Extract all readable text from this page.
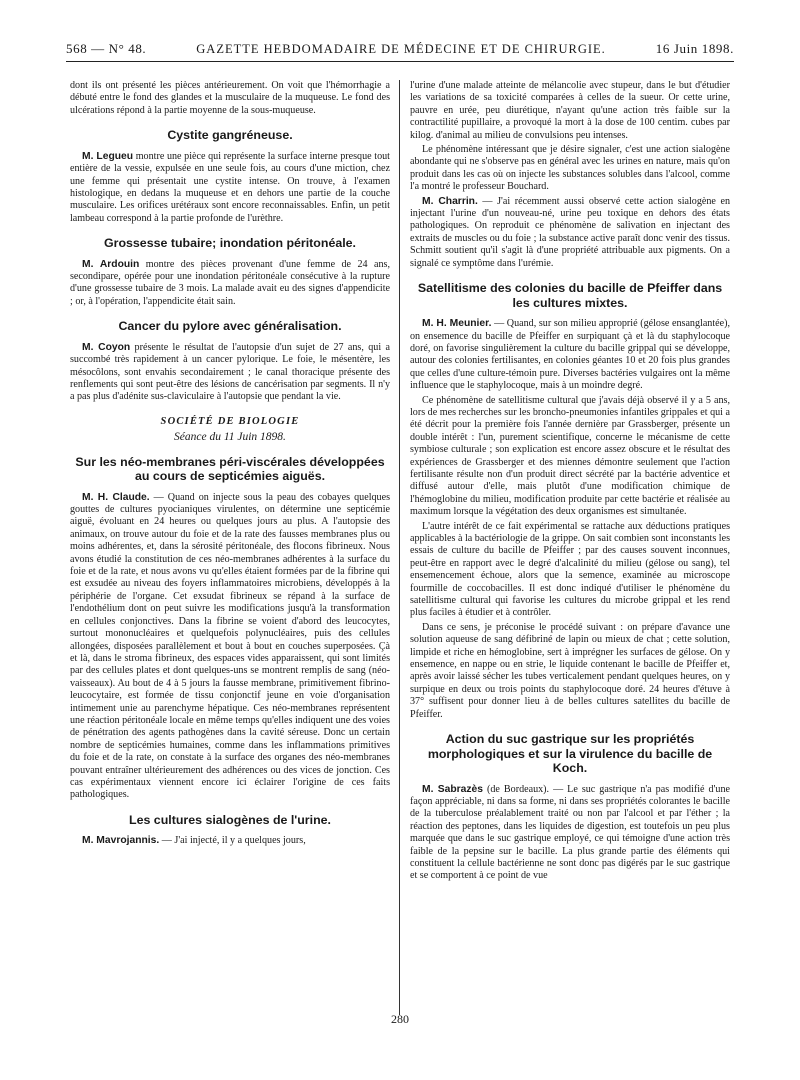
568 — N° 48.	GAZETTE HEBDOMADAIRE DE MÉDECINE ET DE CHIRURGIE.	16 Juin 1898.

dont ils ont présenté les pièces antérieurement. On voit que l'hémorrhagie a débuté entre le fond des glandes et la musculaire de la muqueuse. Le fond des ulcérations répond à la partie moyenne de la sous-muqueuse.

Cystite gangréneuse.

M. Legueu montre une pièce qui représente la surface interne presque tout entière de la vessie, expulsée en une seule fois, au cours d'une miction, chez une femme qui présentait une cystite intense. On trouve, à l'examen histologique, en dedans la muqueuse et en dehors une partie de la couche musculaire. Les orifices urétéraux sont encore reconnaissables. Enfin, un petit lambeau correspond à la partie profonde de l'urèthre.

Grossesse tubaire; inondation péritonéale.

M. Ardouin montre des pièces provenant d'une femme de 24 ans, secondipare, opérée pour une inondation péritonéale consécutive à la rupture d'une grossesse tubaire de 3 mois. La malade avait eu des signes d'appendicite ; or, à l'opération, l'appendicite était sain.

Cancer du pylore avec généralisation.

M. Coyon présente le résultat de l'autopsie d'un sujet de 27 ans, qui a succombé très rapidement à un cancer pylorique. Le foie, le mésentère, les mésocôlons, sont envahis secondairement ; le canal thoracique présente des renflements qui sont peut-être des lésions de cancérisation par segments. Il n'y a pas plus d'adénite sus-claviculaire à l'autopsie que pendant la vie.

SOCIÉTÉ DE BIOLOGIE
Séance du 11 Juin 1898.
Sur les néo-membranes péri-viscérales développées au cours de septicémies aiguës.

M. H. Claude. — Quand on injecte sous la peau des cobayes quelques gouttes de cultures pyocianiques virulentes, on détermine une septicémie aiguë, évoluant en 24 heures ou quelques jours au plus. A l'autopsie des animaux, on trouve autour du foie et de la rate des fausses membranes plus ou moins adhérentes, et, dans la sérosité péritonéale, des flocons fibrineux. Nous avons étudié la constitution de ces néo-membranes adhérentes à la surface du foie et de la rate, et nous avons vu qu'elles étaient formées par de la fibrine qui est exsudée au niveau des foyers inflammatoires microbiens, développés à la périphérie de l'organe. Cet exsudat fibrineux se répand à la surface de l'endothélium dont on peut suivre les modifications jusqu'à la transformation en cellules conjonctives. Dans la fibrine se voient d'abord des leucocytes, surtout mononucléaires et quelquefois polynucléaires, puis des cellules allongées, disposées parallèlement et bout à bout en couches superposées. Çà et là, dans le stroma fibrineux, des espaces vides apparaissent, qui sont limités par des cellules plates et dont quelques-uns se montrent remplis de sang (néo-vaisseaux). Au bout de 4 à 5 jours la fausse membrane, primitivement fibrino-leucocytaire, est formée de tissu conjonctif jeune en voie d'organisation intimement unie au parenchyme hépatique. Ces néo-membranes représentent une réaction péritonéale locale en même temps qu'elles indiquent une des voies de pénétration des agents pathogènes dans la cavité séreuse. Donc un certain nombre de septicémies humaines, comme dans les inflammations primitives du foie et de la rate, on constate à la surface des organes des néo-membranes pouvant entraîner ultérieurement des adhérences ou des vices de jonction. Ces cas expérimentaux viennent encore ici éclairer l'origine de ces faits pathologiques.

Les cultures sialogènes de l'urine.

M. Mavrojannis. — J'ai injecté, il y a quelques jours,

l'urine d'une malade atteinte de mélancolie avec stupeur, dans le but d'étudier les variations de sa toxicité comparées à celles de la sueur. Or cette urine, pauvre en urée, peu diurétique, n'ayant qu'une action très faible sur la contractilité pupillaire, a provoqué la mort à la dose de 100 centim. cubes par kilog. d'animal au milieu de convulsions peu intenses.

Le phénomène intéressant que je désire signaler, c'est une action sialogène abondante qui ne s'observe pas en général avec les urines en nature, mais qu'on produit dans les cas où on injecte les substances solubles dans l'alcool, comme l'a montré le professeur Bouchard.

M. Charrin. — J'ai récemment aussi observé cette action sialogène en injectant l'urine d'un nouveau-né, urine peu toxique en dehors des états pathologiques. On reproduit ce phénomène de salivation en injectant des extraits de muscles ou du foie ; la substance active paraît donc venir des tissus. Schmitt soutient qu'il s'agit là d'une propriété attribuable aux pigments. On a signalé ce symptôme dans l'urémie.

Satellitisme des colonies du bacille de Pfeiffer dans les cultures mixtes.

M. H. Meunier. — Quand, sur son milieu approprié (gélose ensanglantée), on ensemence du bacille de Pfeiffer en surpiquant çà et là du staphylocoque doré, on favorise singulièrement la culture du bacille grippal qui se développe, autour des colonies fertilisantes, en colonies géantes 10 et 20 fois plus grandes que celles d'une culture-témoin pure. Diverses bactéries vulgaires ont la même influence que le staphylocoque, mais à un moindre degré.

Ce phénomène de satellitisme cultural que j'avais déjà observé il y a 5 ans, lors de mes recherches sur les broncho-pneumonies infantiles grippales et qui a été décrit pour la première fois l'année dernière par Grassberger, présente un double intérêt : l'un, purement scientifique, concerne le mécanisme de cette symbiose culturale ; son explication est encore assez obscure et le résultat des expériences de Grassberger et des miennes démontre seulement que l'action fertilisante résulte non d'un produit direct sécrété par la bactérie adventice et diffusé autour d'elle, mais plutôt d'une modification chimique de l'hémoglobine du milieu, modification produite par cette bactérie et réalisée au maximum lorsque la végétation des deux organismes est simultanée.

L'autre intérêt de ce fait expérimental se rattache aux déductions pratiques applicables à la bactériologie de la grippe. On sait combien sont inconstants les essais de culture du bacille de Pfeiffer ; par des causes souvent inconnues, peut-être en rapport avec le degré d'alcalinité du milieu (gélose ou sang), tel ensemencement échoue, alors que la semence, examinée au microscope fourmille de coccobacilles. Il est donc indiqué d'utiliser le phénomène du satellitisme cultural qui favorise les cultures du microbe grippal et les rend plus faciles à étudier et à contrôler.

Dans ce sens, je préconise le procédé suivant : on prépare d'avance une solution aqueuse de sang défibriné de lapin ou mieux de chat ; cette solution, limpide et riche en hémoglobine, sert à imprégner les surfaces de gélose. On y ensemence, en nappe ou en strie, le liquide contenant le bacille de Pfeiffer et, après avoir laissé sécher les tubes verticalement pendant quelques heures, on y surpique en deux ou trois points du staphylocoque doré. 24 heures d'étuve à 37° suffisent pour donner lieu à de belles cultures satellites du bacille de Pfeiffer.

Action du suc gastrique sur les propriétés morphologiques et sur la virulence du bacille de Koch.

M. Sabrazès (de Bordeaux). — Le suc gastrique n'a pas modifié d'une façon appréciable, ni dans sa forme, ni dans ses propriétés colorantes le bacille de la tuberculose préalablement traité ou non par l'alcool et par l'éther ; la réaction des peptones, dans les liquides de digestion, est toutefois un peu plus marquée que dans le suc gastrique employé, ce qui témoigne d'une action très faible de la pepsine sur le bacille. La plus grande partie des éléments qui constituent la cellule bactérienne ne sont donc pas digérés par le suc gastrique et se comportent à ce point de vue

280
